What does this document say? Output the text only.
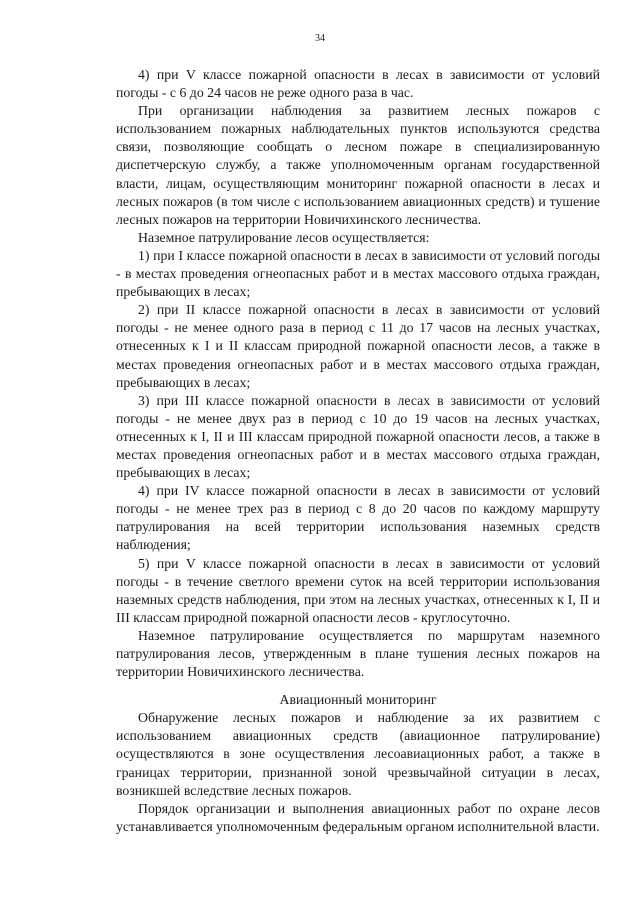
34

4) при V классе пожарной опасности в лесах в зависимости от условий погоды - с 6 до 24 часов не реже одного раза в час.

При организации наблюдения за развитием лесных пожаров с использованием пожарных наблюдательных пунктов используются средства связи, позволяющие сообщать о лесном пожаре в специализированную диспетчерскую службу, а также уполномоченным органам государственной власти, лицам, осуществляющим мониторинг пожарной опасности в лесах и лесных пожаров (в том числе с использованием авиационных средств) и тушение лесных пожаров на территории Новичихинского лесничества.

Наземное патрулирование лесов осуществляется:

1) при I классе пожарной опасности в лесах в зависимости от условий погоды - в местах проведения огнеопасных работ и в местах массового отдыха граждан, пребывающих в лесах;

2) при II классе пожарной опасности в лесах в зависимости от условий погоды - не менее одного раза в период с 11 до 17 часов на лесных участках, отнесенных к I и II классам природной пожарной опасности лесов, а также в местах проведения огнеопасных работ и в местах массового отдыха граждан, пребывающих в лесах;

3) при III классе пожарной опасности в лесах в зависимости от условий погоды - не менее двух раз в период с 10 до 19 часов на лесных участках, отнесенных к I, II и III классам природной пожарной опасности лесов, а также в местах проведения огнеопасных работ и в местах массового отдыха граждан, пребывающих в лесах;

4) при IV классе пожарной опасности в лесах в зависимости от условий погоды - не менее трех раз в период с 8 до 20 часов по каждому маршруту патрулирования на всей территории использования наземных средств наблюдения;

5) при V классе пожарной опасности в лесах в зависимости от условий погоды - в течение светлого времени суток на всей территории использования наземных средств наблюдения, при этом на лесных участках, отнесенных к I, II и III классам природной пожарной опасности лесов - круглосуточно.

Наземное патрулирование осуществляется по маршрутам наземного патрулирования лесов, утвержденным в плане тушения лесных пожаров на территории Новичихинского лесничества.

Авиационный мониторинг

Обнаружение лесных пожаров и наблюдение за их развитием с использованием авиационных средств (авиационное патрулирование) осуществляются в зоне осуществления лесоавиационных работ, а также в границах территории, признанной зоной чрезвычайной ситуации в лесах, возникшей вследствие лесных пожаров.

Порядок организации и выполнения авиационных работ по охране лесов устанавливается уполномоченным федеральным органом исполнительной власти.
